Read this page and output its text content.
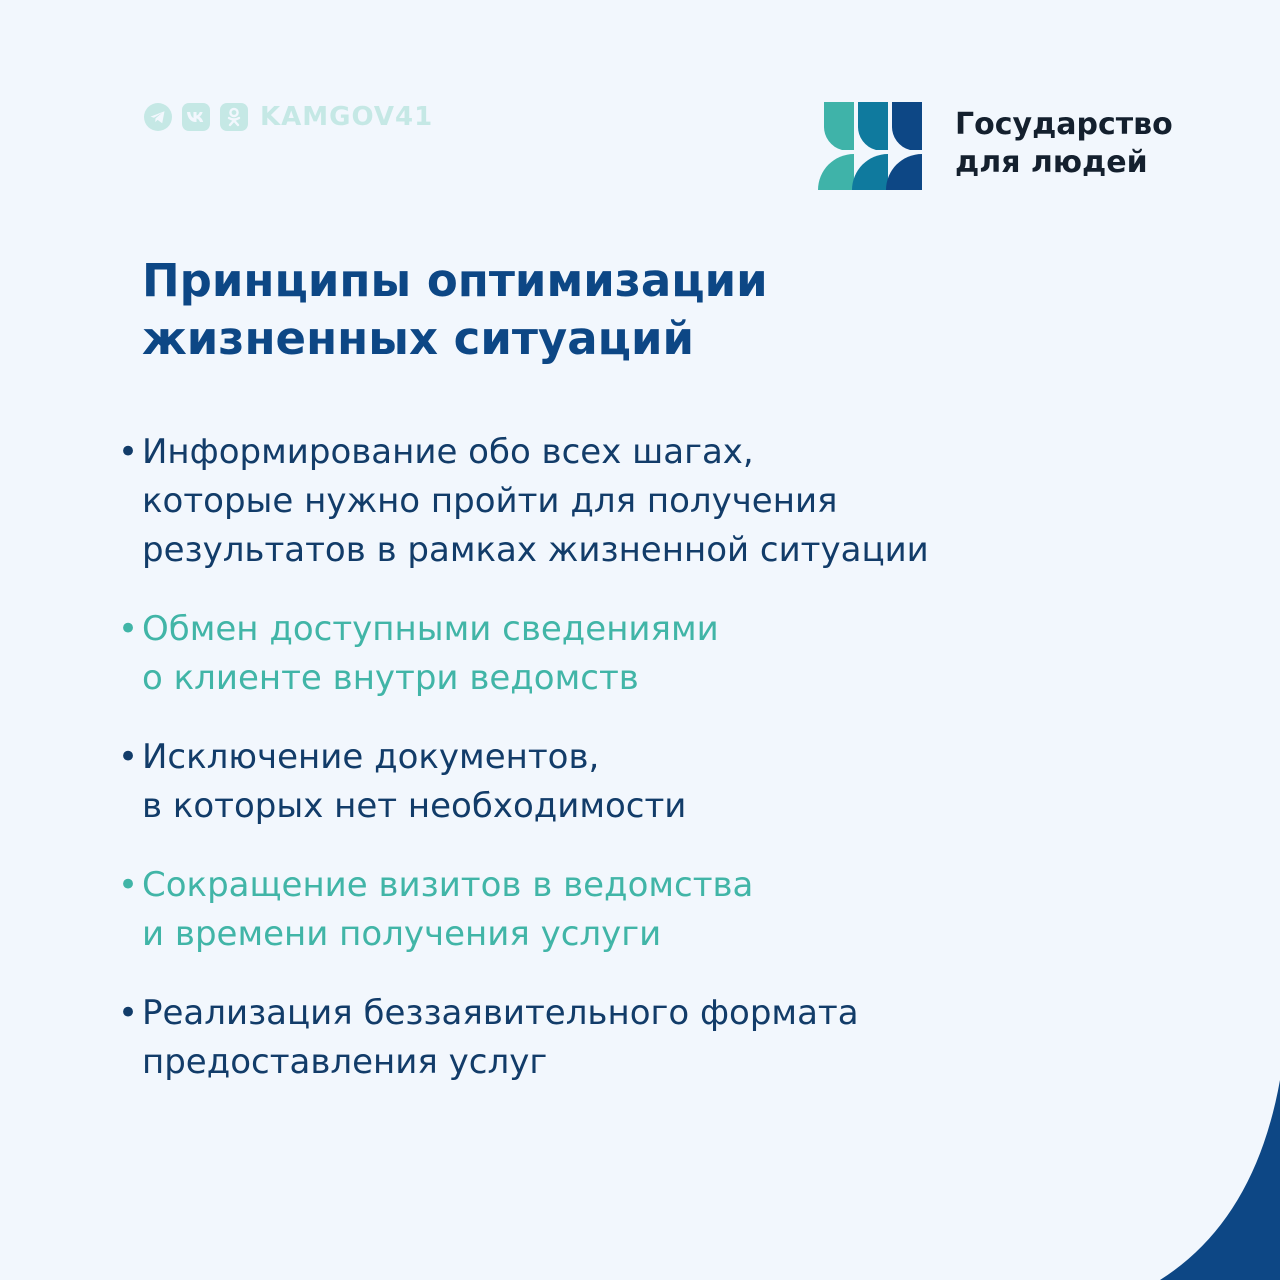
KAMGOV41	Государство
для людей
Принципы оптимизации
жизненных ситуаций
• Информирование обо всех шагах,
которые нужно пройти для получения
результатов в рамках жизненной ситуации
• Обмен доступными сведениями
о клиенте внутри ведомств
• Исключение документов,
в которых нет необходимости
• Сокращение визитов в ведомства
и времени получения услуги
• Реализация беззаявительного формата
предоставления услуг
